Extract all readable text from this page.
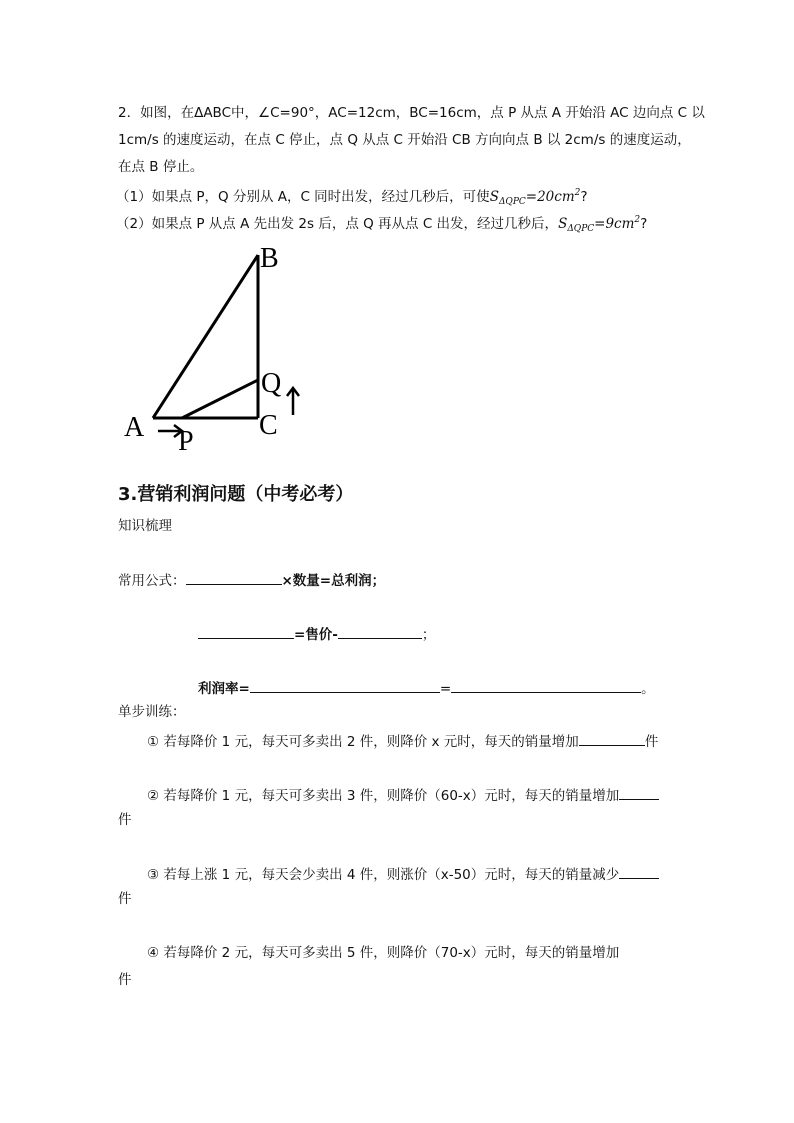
2．如图，在ΔABC中，∠C=90°，AC=12cm，BC=16cm，点 P 从点 A 开始沿 AC 边向点 C 以
1cm/s 的速度运动，在点 C 停止，点 Q 从点 C 开始沿 CB 方向向点 B 以 2cm/s 的速度运动，
在点 B 停止。
（1）如果点 P，Q 分别从 A，C 同时出发，经过几秒后，可使$S_{\Delta QPC}=20cm^2$?
（2）如果点 P 从点 A 先出发 2s 后，点 Q 再从点 C 出发，经过几秒后，$S_{\Delta QPC}=9cm^2$?
B
A	C
P
Q
3.营销利润问题（中考必考）
知识梳理
常用公式：	×数量=总利润；
=售价-	；
利润率=	=	。
单步训练：
① 若每降价 1 元，每天可多卖出 2 件，则降价 x 元时，每天的销量增加	件
② 若每降价 1 元，每天可多卖出 3 件，则降价（60-x）元时，每天的销量增加
件
③ 若每上涨 1 元，每天会少卖出 4 件，则涨价（x-50）元时，每天的销量减少
件
④ 若每降价 2 元，每天可多卖出 5 件，则降价（70-x）元时，每天的销量增加
件
